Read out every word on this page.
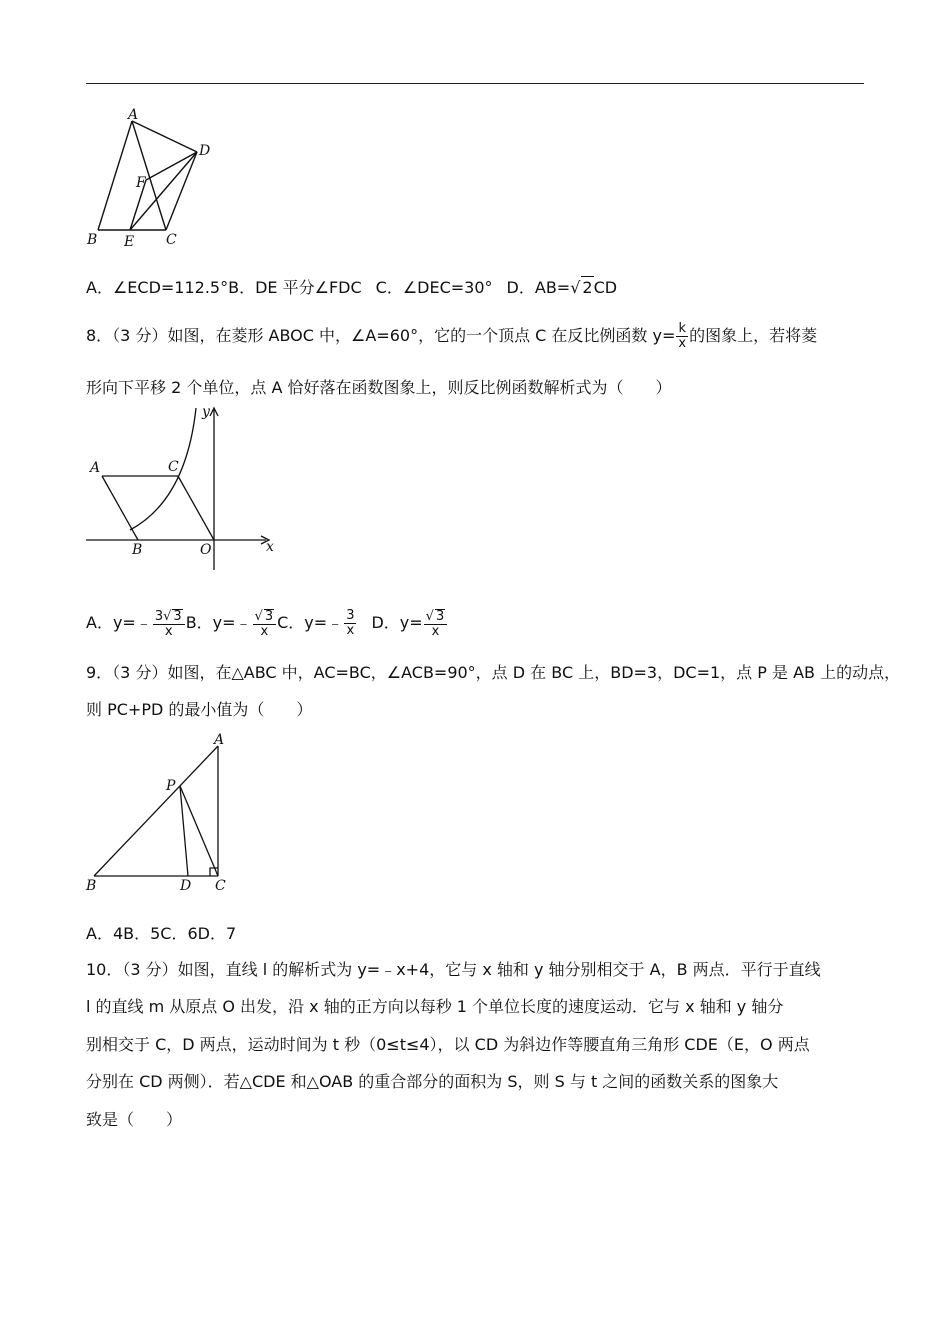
A
D
F
B E C
A．∠ECD=112.5°B．DE 平分∠FDC C．∠DEC=30° D．AB=√ 2CD
8．（3 分）如图，在菱形 ABOC 中，∠A=60°，它的一个顶点 C 在反比例函数 $y= \frac{k}{x}$ 的图象上，若将菱
形向下平移 2 个单位，点 A 恰好落在函数图象上，则反比例函数解析式为（　　）
A	C
B	O	x
y
A．y=﹣ $\frac{3√ 3}{x}$ B．y=﹣ $\frac{√ 3}{x}$ C．y=﹣ $\frac{3}{x}$ D．$y= \frac{√ 3}{x}$
9．（3 分）如图，在△ABC 中，AC=BC，∠ACB=90°，点 D 在 BC 上，BD=3，DC=1，点 P 是 AB 上的动点，
则 PC+PD 的最小值为（　　）
A
P
B	D C
A．4B．5C．6D．7
10．（3 分）如图，直线 l 的解析式为 y=﹣x+4，它与 x 轴和 y 轴分别相交于 A，B 两点．平行于直线
l 的直线 m 从原点 O 出发，沿 x 轴的正方向以每秒 1 个单位长度的速度运动．它与 x 轴和 y 轴分
别相交于 C，D 两点，运动时间为 t 秒（0≤t≤4），以 CD 为斜边作等腰直角三角形 CDE（E，O 两点
分别在 CD 两侧）．若△CDE 和△OAB 的重合部分的面积为 S，则 S 与 t 之间的函数关系的图象大
致是（　　）
